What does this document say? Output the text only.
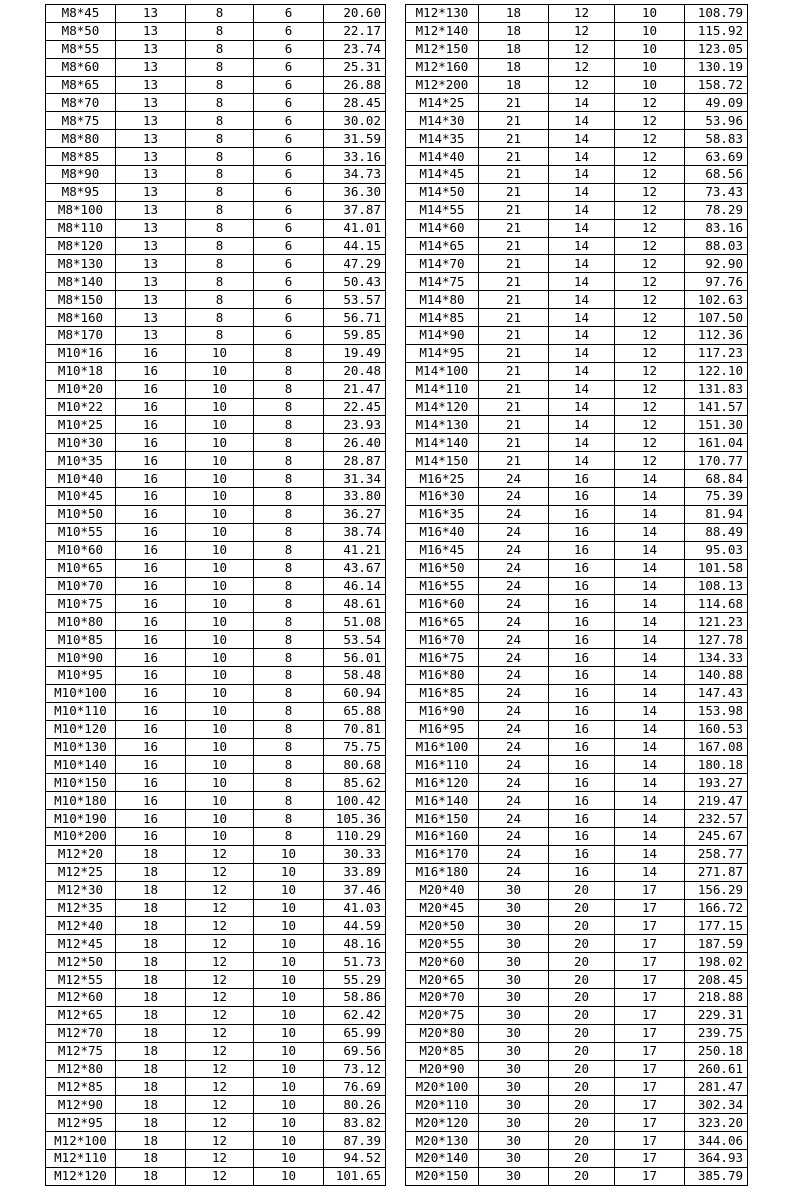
M8*45	13	8	6	20.60
M8*50	13	8	6	22.17
M8*55	13	8	6	23.74
M8*60	13	8	6	25.31
M8*65	13	8	6	26.88
M8*70	13	8	6	28.45
M8*75	13	8	6	30.02
M8*80	13	8	6	31.59
M8*85	13	8	6	33.16
M8*90	13	8	6	34.73
M8*95	13	8	6	36.30
M8*100	13	8	6	37.87
M8*110	13	8	6	41.01
M8*120	13	8	6	44.15
M8*130	13	8	6	47.29
M8*140	13	8	6	50.43
M8*150	13	8	6	53.57
M8*160	13	8	6	56.71
M8*170	13	8	6	59.85
M10*16	16	10	8	19.49
M10*18	16	10	8	20.48
M10*20	16	10	8	21.47
M10*22	16	10	8	22.45
M10*25	16	10	8	23.93
M10*30	16	10	8	26.40
M10*35	16	10	8	28.87
M10*40	16	10	8	31.34
M10*45	16	10	8	33.80
M10*50	16	10	8	36.27
M10*55	16	10	8	38.74
M10*60	16	10	8	41.21
M10*65	16	10	8	43.67
M10*70	16	10	8	46.14
M10*75	16	10	8	48.61
M10*80	16	10	8	51.08
M10*85	16	10	8	53.54
M10*90	16	10	8	56.01
M10*95	16	10	8	58.48
M10*100	16	10	8	60.94
M10*110	16	10	8	65.88
M10*120	16	10	8	70.81
M10*130	16	10	8	75.75
M10*140	16	10	8	80.68
M10*150	16	10	8	85.62
M10*180	16	10	8	100.42
M10*190	16	10	8	105.36
M10*200	16	10	8	110.29
M12*20	18	12	10	30.33
M12*25	18	12	10	33.89
M12*30	18	12	10	37.46
M12*35	18	12	10	41.03
M12*40	18	12	10	44.59
M12*45	18	12	10	48.16
M12*50	18	12	10	51.73
M12*55	18	12	10	55.29
M12*60	18	12	10	58.86
M12*65	18	12	10	62.42
M12*70	18	12	10	65.99
M12*75	18	12	10	69.56
M12*80	18	12	10	73.12
M12*85	18	12	10	76.69
M12*90	18	12	10	80.26
M12*95	18	12	10	83.82
M12*100	18	12	10	87.39
M12*110	18	12	10	94.52
M12*120	18	12	10	101.65
M12*130	18	12	10	108.79
M12*140	18	12	10	115.92
M12*150	18	12	10	123.05
M12*160	18	12	10	130.19
M12*200	18	12	10	158.72
M14*25	21	14	12	49.09
M14*30	21	14	12	53.96
M14*35	21	14	12	58.83
M14*40	21	14	12	63.69
M14*45	21	14	12	68.56
M14*50	21	14	12	73.43
M14*55	21	14	12	78.29
M14*60	21	14	12	83.16
M14*65	21	14	12	88.03
M14*70	21	14	12	92.90
M14*75	21	14	12	97.76
M14*80	21	14	12	102.63
M14*85	21	14	12	107.50
M14*90	21	14	12	112.36
M14*95	21	14	12	117.23
M14*100	21	14	12	122.10
M14*110	21	14	12	131.83
M14*120	21	14	12	141.57
M14*130	21	14	12	151.30
M14*140	21	14	12	161.04
M14*150	21	14	12	170.77
M16*25	24	16	14	68.84
M16*30	24	16	14	75.39
M16*35	24	16	14	81.94
M16*40	24	16	14	88.49
M16*45	24	16	14	95.03
M16*50	24	16	14	101.58
M16*55	24	16	14	108.13
M16*60	24	16	14	114.68
M16*65	24	16	14	121.23
M16*70	24	16	14	127.78
M16*75	24	16	14	134.33
M16*80	24	16	14	140.88
M16*85	24	16	14	147.43
M16*90	24	16	14	153.98
M16*95	24	16	14	160.53
M16*100	24	16	14	167.08
M16*110	24	16	14	180.18
M16*120	24	16	14	193.27
M16*140	24	16	14	219.47
M16*150	24	16	14	232.57
M16*160	24	16	14	245.67
M16*170	24	16	14	258.77
M16*180	24	16	14	271.87
M20*40	30	20	17	156.29
M20*45	30	20	17	166.72
M20*50	30	20	17	177.15
M20*55	30	20	17	187.59
M20*60	30	20	17	198.02
M20*65	30	20	17	208.45
M20*70	30	20	17	218.88
M20*75	30	20	17	229.31
M20*80	30	20	17	239.75
M20*85	30	20	17	250.18
M20*90	30	20	17	260.61
M20*100	30	20	17	281.47
M20*110	30	20	17	302.34
M20*120	30	20	17	323.20
M20*130	30	20	17	344.06
M20*140	30	20	17	364.93
M20*150	30	20	17	385.79
